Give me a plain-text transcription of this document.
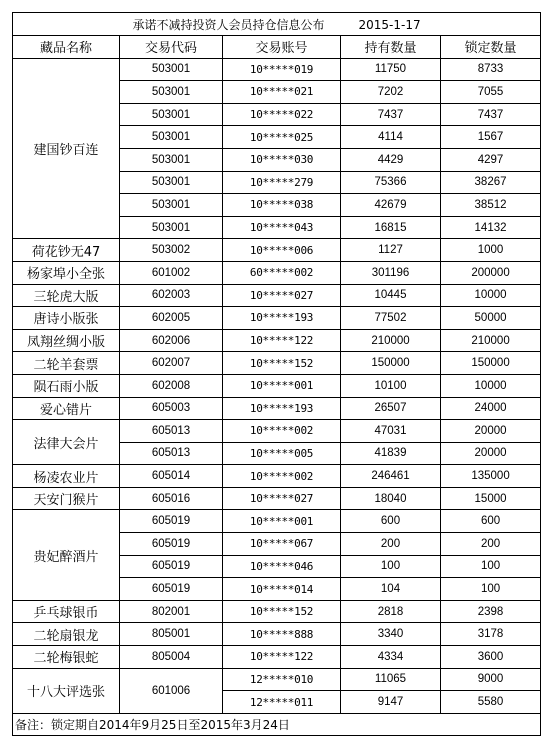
承诺不减持投资人会员持仓信息公布 2015-1-17				
藏品名称	交易代码	交易账号	持有数量	锁定数量
建国钞百连	503001	10*****019	11750	8733
	503001	10*****021	7202	7055
	503001	10*****022	7437	7437
	503001	10*****025	4114	1567
	503001	10*****030	4429	4297
	503001	10*****279	75366	38267
	503001	10*****038	42679	38512
	503001	10*****043	16815	14132
荷花钞无47	503002	10*****006	1127	1000
杨家埠小全张	601002	60*****002	301196	200000
三轮虎大版	602003	10*****027	10445	10000
唐诗小版张	602005	10*****193	77502	50000
凤翔丝绸小版	602006	10*****122	210000	210000
二轮羊套票	602007	10*****152	150000	150000
陨石雨小版	602008	10*****001	10100	10000
爱心错片	605003	10*****193	26507	24000
法律大会片	605013	10*****002	47031	20000
	605013	10*****005	41839	20000
杨凌农业片	605014	10*****002	246461	135000
天安门猴片	605016	10*****027	18040	15000
贵妃醉酒片	605019	10*****001	600	600
	605019	10*****067	200	200
	605019	10*****046	100	100
	605019	10*****014	104	100
乒乓球银币	802001	10*****152	2818	2398
二轮扇银龙	805001	10*****888	3340	3178
二轮梅银蛇	805004	10*****122	4334	3600
十八大评选张	601006	12*****010	11065	9000
		12*****011	9147	5580
备注：锁定期自2014年9月25日至2015年3月24日				
